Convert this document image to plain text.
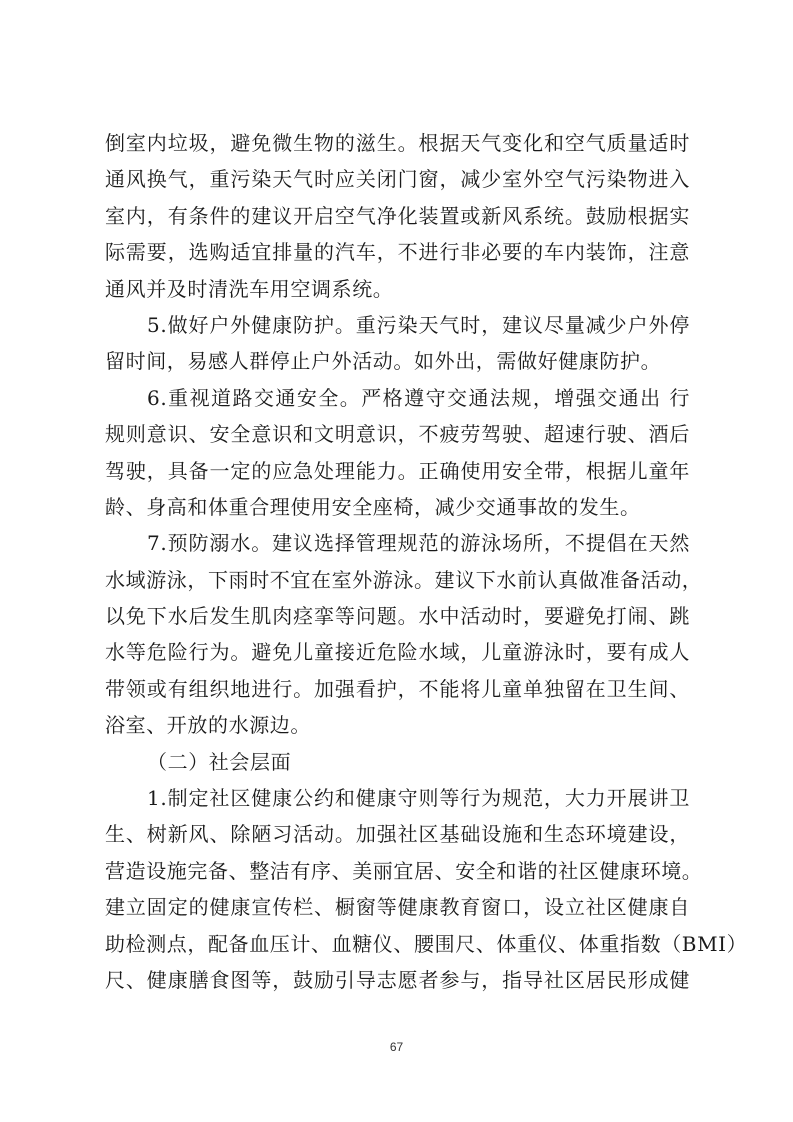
倒室内垃圾，避免微生物的滋生。根据天气变化和空气质量适时
通风换气，重污染天气时应关闭门窗，减少室外空气污染物进入
室内，有条件的建议开启空气净化装置或新风系统。鼓励根据实
际需要，选购适宜排量的汽车，不进行非必要的车内装饰，注意
通风并及时清洗车用空调系统。
5.做好户外健康防护。重污染天气时，建议尽量减少户外停
留时间，易感人群停止户外活动。如外出，需做好健康防护。
6.重视道路交通安全。严格遵守交通法规，增强交通出 行
规则意识、安全意识和文明意识，不疲劳驾驶、超速行驶、酒后
驾驶，具备一定的应急处理能力。正确使用安全带，根据儿童年
龄、身高和体重合理使用安全座椅，减少交通事故的发生。
7.预防溺水。建议选择管理规范的游泳场所，不提倡在天然
水域游泳，下雨时不宜在室外游泳。建议下水前认真做准备活动，
以免下水后发生肌肉痉挛等问题。水中活动时，要避免打闹、跳
水等危险行为。避免儿童接近危险水域，儿童游泳时，要有成人
带领或有组织地进行。加强看护，不能将儿童单独留在卫生间、
浴室、开放的水源边。
（二）社会层面
1.制定社区健康公约和健康守则等行为规范，大力开展讲卫
生、树新风、除陋习活动。加强社区基础设施和生态环境建设，
营造设施完备、整洁有序、美丽宜居、安全和谐的社区健康环境。
建立固定的健康宣传栏、橱窗等健康教育窗口，设立社区健康自
助检测点，配备血压计、血糖仪、腰围尺、体重仪、体重指数（BMI）
尺、健康膳食图等，鼓励引导志愿者参与，指导社区居民形成健
67
